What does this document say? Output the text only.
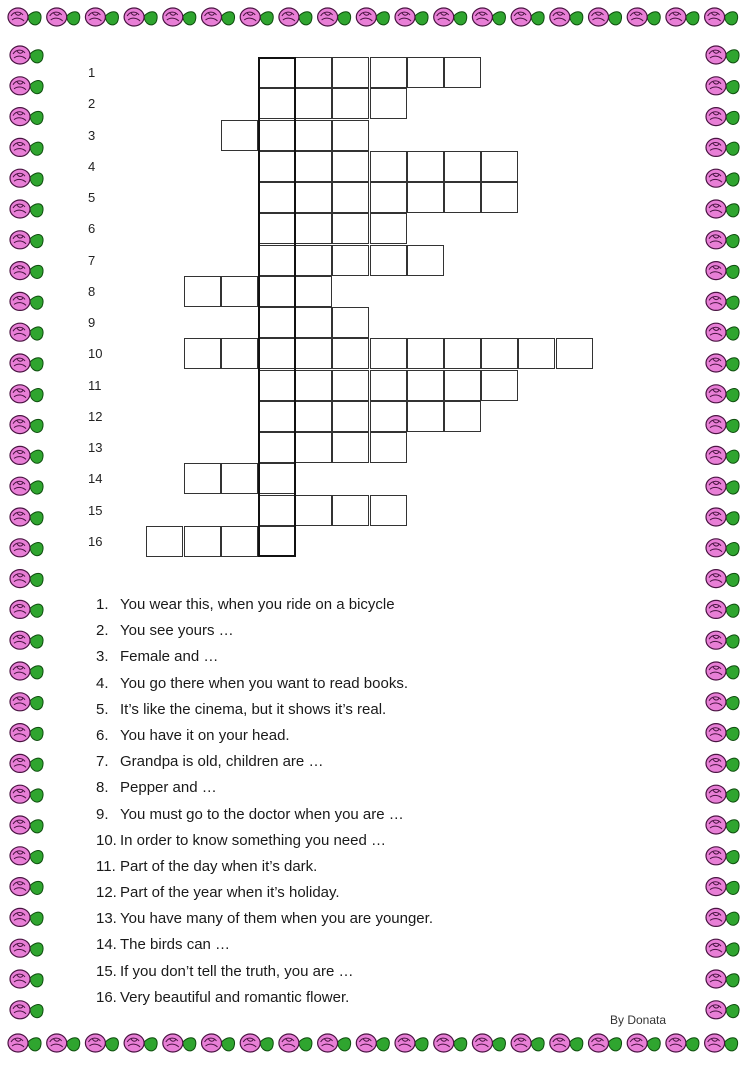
1
2
3
4
5
6
7
8
9
10
11
12
13
14
15
16
1. You wear this, when you ride on a bicycle
2. You see yours …
3. Female and …
4. You go there when you want to read books.
5. It’s like the cinema, but it shows it’s real.
6. You have it on your head.
7. Grandpa is old, children are …
8. Pepper and …
9. You must go to the doctor when you are …
10. In order to know something you need …
11. Part of the day when it’s dark.
12. Part of the year when it’s holiday.
13. You have many of them when you are younger.
14. The birds can …
15. If you don’t tell the truth, you are …
16. Very beautiful and romantic flower.
By Donata
